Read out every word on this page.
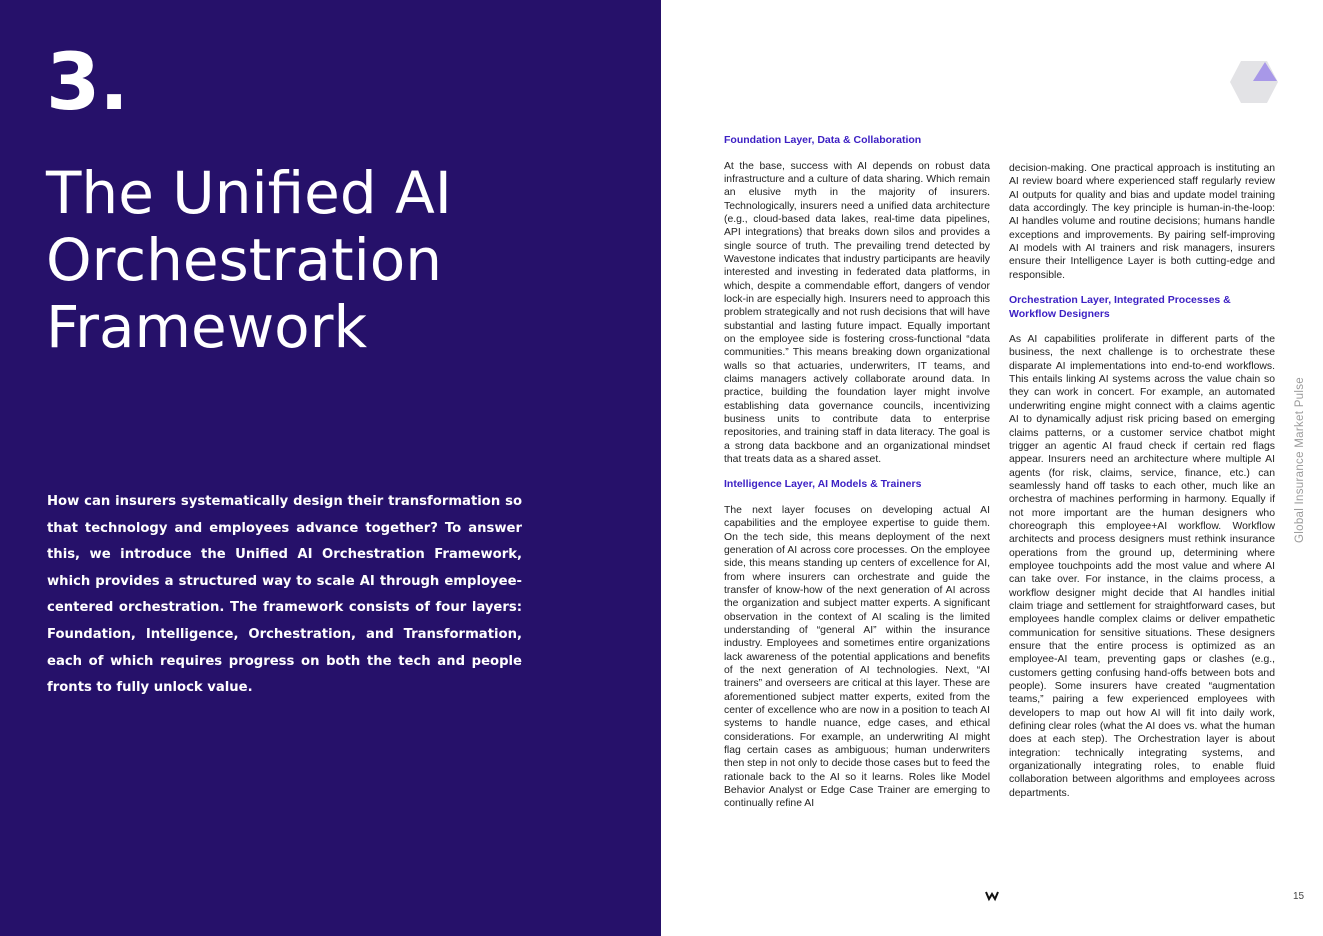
3.
The Unified AI Orchestration Framework

How can insurers systematically design their transformation so that technology and employees advance together? To answer this, we introduce the Unified AI Orchestration Framework, which provides a structured way to scale AI through employee-centered orchestration. The framework consists of four layers: Foundation, Intelligence, Orchestration, and Transformation, each of which requires progress on both the tech and people fronts to fully unlock value.

Foundation Layer, Data & Collaboration

At the base, success with AI depends on robust data infrastructure and a culture of data sharing. Which remain an elusive myth in the majority of insurers. Technologically, insurers need a unified data architecture (e.g., cloud-based data lakes, real-time data pipelines, API integrations) that breaks down silos and provides a single source of truth. The prevailing trend detected by Wavestone indicates that industry participants are heavily interested and investing in federated data platforms, in which, despite a commendable effort, dangers of vendor lock-in are especially high. Insurers need to approach this problem strategically and not rush decisions that will have substantial and lasting future impact. Equally important on the employee side is fostering cross-functional “data communities.” This means breaking down organizational walls so that actuaries, underwriters, IT teams, and claims managers actively collaborate around data. In practice, building the foundation layer might involve establishing data governance councils, incentivizing business units to contribute data to enterprise repositories, and training staff in data literacy. The goal is a strong data backbone and an organizational mindset that treats data as a shared asset.

Intelligence Layer, AI Models & Trainers

The next layer focuses on developing actual AI capabilities and the employee expertise to guide them. On the tech side, this means deployment of the next generation of AI across core processes. On the employee side, this means standing up centers of excellence for AI, from where insurers can orchestrate and guide the transfer of know-how of the next generation of AI across the organization and subject matter experts. A significant observation in the context of AI scaling is the limited understanding of “general AI” within the insurance industry. Employees and sometimes entire organizations lack awareness of the potential applications and benefits of the next generation of AI technologies. Next, “AI trainers” and overseers are critical at this layer. These are aforementioned subject matter experts, exited from the center of excellence who are now in a position to teach AI systems to handle nuance, edge cases, and ethical considerations. For example, an underwriting AI might flag certain cases as ambiguous; human underwriters then step in not only to decide those cases but to feed the rationale back to the AI so it learns. Roles like Model Behavior Analyst or Edge Case Trainer are emerging to continually refine AI

decision-making. One practical approach is instituting an AI review board where experienced staff regularly review AI outputs for quality and bias and update model training data accordingly. The key principle is human-in-the-loop: AI handles volume and routine decisions; humans handle exceptions and improvements. By pairing self-improving AI models with AI trainers and risk managers, insurers ensure their Intelligence Layer is both cutting-edge and responsible.

Orchestration Layer, Integrated Processes & Workflow Designers

As AI capabilities proliferate in different parts of the business, the next challenge is to orchestrate these disparate AI implementations into end-to-end workflows. This entails linking AI systems across the value chain so they can work in concert. For example, an automated underwriting engine might connect with a claims agentic AI to dynamically adjust risk pricing based on emerging claims patterns, or a customer service chatbot might trigger an agentic AI fraud check if certain red flags appear. Insurers need an architecture where multiple AI agents (for risk, claims, service, finance, etc.) can seamlessly hand off tasks to each other, much like an orchestra of machines performing in harmony. Equally if not more important are the human designers who choreograph this employee+AI workflow. Workflow architects and process designers must rethink insurance operations from the ground up, determining where employee touchpoints add the most value and where AI can take over. For instance, in the claims process, a workflow designer might decide that AI handles initial claim triage and settlement for straightforward cases, but employees handle complex claims or deliver empathetic communication for sensitive situations. These designers ensure that the entire process is optimized as an employee-AI team, preventing gaps or clashes (e.g., customers getting confusing hand-offs between bots and people). Some insurers have created “augmentation teams,” pairing a few experienced employees with developers to map out how AI will fit into daily work, defining clear roles (what the AI does vs. what the human does at each step). The Orchestration layer is about integration: technically integrating systems, and organizationally integrating roles, to enable fluid collaboration between algorithms and employees across departments.

Global Insurance Market Pulse
15
